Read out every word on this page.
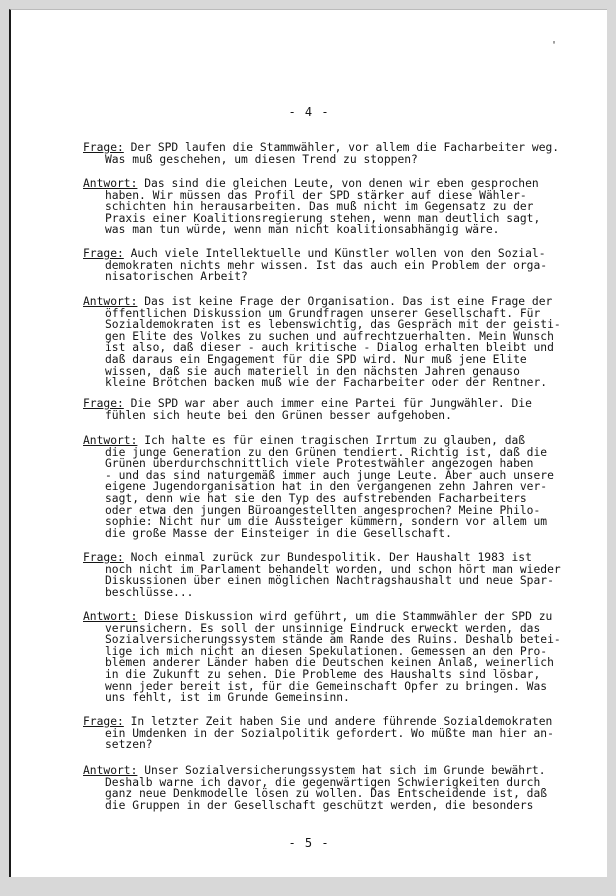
'
- 4 -
Frage: Der SPD laufen die Stammwähler, vor allem die Facharbeiter weg.
Was muß geschehen, um diesen Trend zu stoppen?
Antwort: Das sind die gleichen Leute, von denen wir eben gesprochen
haben. Wir müssen das Profil der SPD stärker auf diese Wähler-
schichten hin herausarbeiten. Das muß nicht im Gegensatz zu der
Praxis einer Koalitionsregierung stehen, wenn man deutlich sagt,
was man tun würde, wenn man nicht koalitionsabhängig wäre.
Frage: Auch viele Intellektuelle und Künstler wollen von den Sozial-
demokraten nichts mehr wissen. Ist das auch ein Problem der orga-
nisatorischen Arbeit?
Antwort: Das ist keine Frage der Organisation. Das ist eine Frage der
öffentlichen Diskussion um Grundfragen unserer Gesellschaft. Für
Sozialdemokraten ist es lebenswichtig, das Gespräch mit der geisti-
gen Elite des Volkes zu suchen und aufrechtzuerhalten. Mein Wunsch
ist also, daß dieser - auch kritische - Dialog erhalten bleibt und
daß daraus ein Engagement für die SPD wird. Nur muß jene Elite
wissen, daß sie auch materiell in den nächsten Jahren genauso
kleine Brötchen backen muß wie der Facharbeiter oder der Rentner.
Frage: Die SPD war aber auch immer eine Partei für Jungwähler. Die
fühlen sich heute bei den Grünen besser aufgehoben.
Antwort: Ich halte es für einen tragischen Irrtum zu glauben, daß
die junge Generation zu den Grünen tendiert. Richtig ist, daß die
Grünen überdurchschnittlich viele Protestwähler angezogen haben
- und das sind naturgemäß immer auch junge Leute. Aber auch unsere
eigene Jugendorganisation hat in den vergangenen zehn Jahren ver-
sagt, denn wie hat sie den Typ des aufstrebenden Facharbeiters
oder etwa den jungen Büroangestellten angesprochen? Meine Philo-
sophie: Nicht nur um die Aussteiger kümmern, sondern vor allem um
die große Masse der Einsteiger in die Gesellschaft.
Frage: Noch einmal zurück zur Bundespolitik. Der Haushalt 1983 ist
noch nicht im Parlament behandelt worden, und schon hört man wieder
Diskussionen über einen möglichen Nachtragshaushalt und neue Spar-
beschlüsse...
Antwort: Diese Diskussion wird geführt, um die Stammwähler der SPD zu
verunsichern. Es soll der unsinnige Eindruck erweckt werden, das
Sozialversicherungssystem stände am Rande des Ruins. Deshalb betei-
lige ich mich nicht an diesen Spekulationen. Gemessen an den Pro-
blemen anderer Länder haben die Deutschen keinen Anlaß, weinerlich
in die Zukunft zu sehen. Die Probleme des Haushalts sind lösbar,
wenn jeder bereit ist, für die Gemeinschaft Opfer zu bringen. Was
uns fehlt, ist im Grunde Gemeinsinn.
Frage: In letzter Zeit haben Sie und andere führende Sozialdemokraten
ein Umdenken in der Sozialpolitik gefordert. Wo müßte man hier an-
setzen?
Antwort: Unser Sozialversicherungssystem hat sich im Grunde bewährt.
Deshalb warne ich davor, die gegenwärtigen Schwierigkeiten durch
ganz neue Denkmodelle lösen zu wollen. Das Entscheidende ist, daß
die Gruppen in der Gesellschaft geschützt werden, die besonders
- 5 -
